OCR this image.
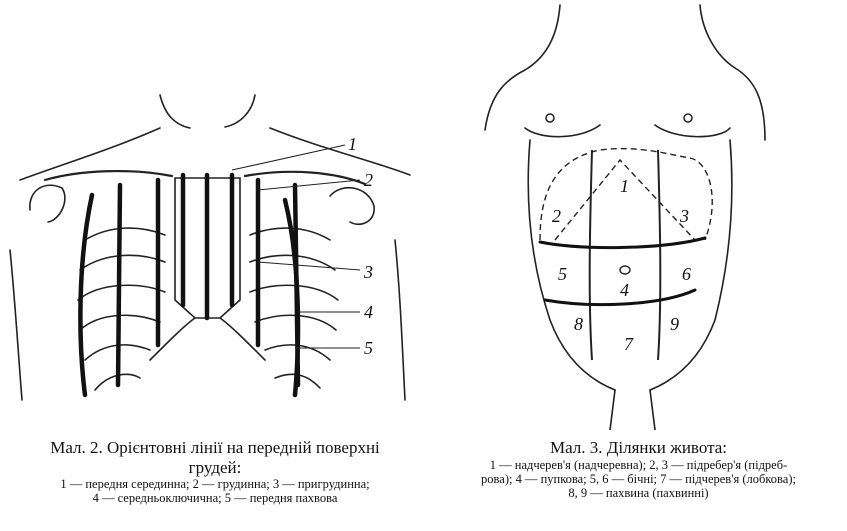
1
2
3
4
5
1
2	3
4
5	6
7
8	9
Мал. 2. Орієнтовні лінії на передній поверхні
грудей:
1 — передня серединна; 2 — грудинна; 3 — пригрудинна;
4 — середньоключична; 5 — передня пахвова
Мал. 3. Ділянки живота:
1 — надчерев'я (надчеревна); 2, 3 — підребер'я (підреб-
рова); 4 — пупкова; 5, 6 — бічні; 7 — підчерев'я (лобкова);
8, 9 — пахвина (пахвинні)
